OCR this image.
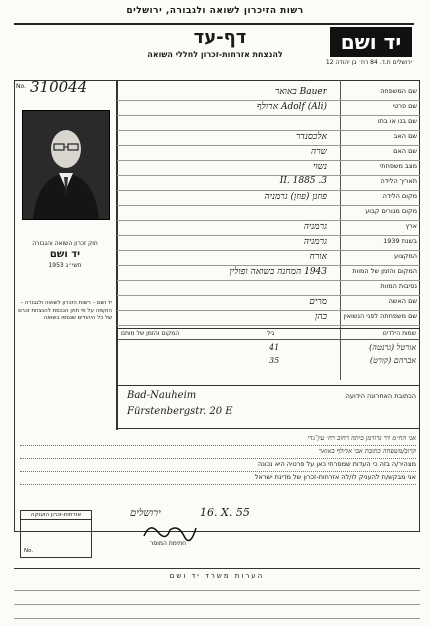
רשות הזיכרון לשואה ולגבורה, ירושלים
יד ושם
ירושלים ת.ד. 84 רח׳ בן יהודה 12
דף-עד
להנצחת אזרחות-זכרון לחללי השואה
No. 310044
חוק זכרון השואה והגבורה
יד ושם
תשי״ג 1953
יד ושם – רשות הזכרון לשואה ולגבורה – הוקמה על פי חוק הכנסת להנצחת זכרם של כל היהודים שנספו בשואה
שם המשפחה
Bauer באואר
שם פרטי
Adolf (Ali) אדולף
שם בנו או בתו
שם האב
אלכסנדר
שם האם
שרה
מצב משפחתי
נשוי
תאריך הלידה
3. II. 1885
מקום הלידה
פוזנן (פוזן) גרמניה
מקום מגורים קבוע
ארץ
גרמניה
בשנת 1939
גרמניה
המקצוע
אורח
המקום והזמן של המוות
1943 המחנה בשואה ופולין
נסיבות המוות
שם האשה
מרים
שם משפחתה לפני הנשואין
כהן
שמות הילדים
גיל
המקום והזמן של מותם
אורטל (גרנטה)
41
אברהם (קורט)
35
הכתובת האחרונה הידועה
Bad-Nauheim
Fürstenbergstr. 20 E
אני הח״מ דר גרודמן כיתה רחוב רח׳ עין־גדי
קרוב/משפחה כתובת אבי אדולף באואר
מצהיר/ה בזה כי העדות שמסרתי כאן על פרטיה היא נכונה
אני מבקש/ת להעניק לו/לה אזרחות-זכרון של מדינת ישראל
ירושלים	16. X. 55
חתימת המוסר
אזרחות-זכרון הוענקה
No.
הערות משרד יד ושם
